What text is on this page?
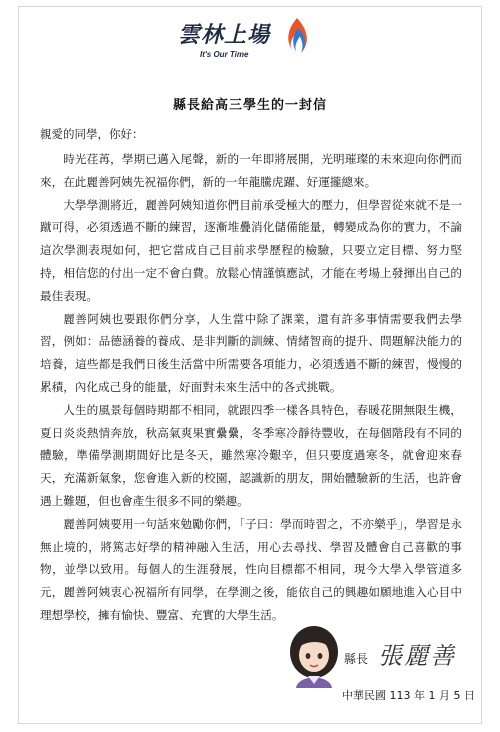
雲林上場
It's Our Time
縣長給高三學生的一封信
親愛的同學，你好：

時光荏苒，學期已邁入尾聲，新的一年即將展開，光明璀璨的未來迎向你們而來，在此麗善阿姨先祝福你們，新的一年龍騰虎躍、好運攏總來。

大學學測將近，麗善阿姨知道你們目前承受極大的壓力，但學習從來就不是一蹴可得，必須透過不斷的練習，逐漸堆疊消化儲備能量，轉變成為你的實力，不論這次學測表現如何，把它當成自己目前求學歷程的檢驗，只要立定目標、努力堅持，相信您的付出一定不會白費。放鬆心情謹慎應試，才能在考場上發揮出自己的最佳表現。

麗善阿姨也要跟你們分享，人生當中除了課業，還有許多事情需要我們去學習，例如：品德涵養的養成、是非判斷的訓練、情緒智商的提升、問題解決能力的培養，這些都是我們日後生活當中所需要各項能力，必須透過不斷的練習，慢慢的累積，內化成己身的能量，好面對未來生活中的各式挑戰。

人生的風景每個時期都不相同，就跟四季一樣各具特色，春暖花開無限生機，夏日炎炎熱情奔放，秋高氣爽果實纍纍，冬季寒冷靜待豐收，在每個階段有不同的體驗，準備學測期間好比是冬天，雖然寒冷艱辛，但只要度過寒冬，就會迎來春天，充滿新氣象，您會進入新的校園，認識新的朋友，開始體驗新的生活，也許會遇上難題，但也會產生很多不同的樂趣。

麗善阿姨要用一句話來勉勵你們，「子曰：學而時習之，不亦樂乎」，學習是永無止境的，將篤志好學的精神融入生活，用心去尋找、學習及體會自己喜歡的事物，並學以致用。每個人的生涯發展，性向目標都不相同，現今大學入學管道多元，麗善阿姨衷心祝福所有同學，在學測之後，能依自己的興趣如願地進入心目中理想學校，擁有愉快、豐富、充實的大學生活。

縣長 張麗善
中華民國 113 年 1 月 5 日
